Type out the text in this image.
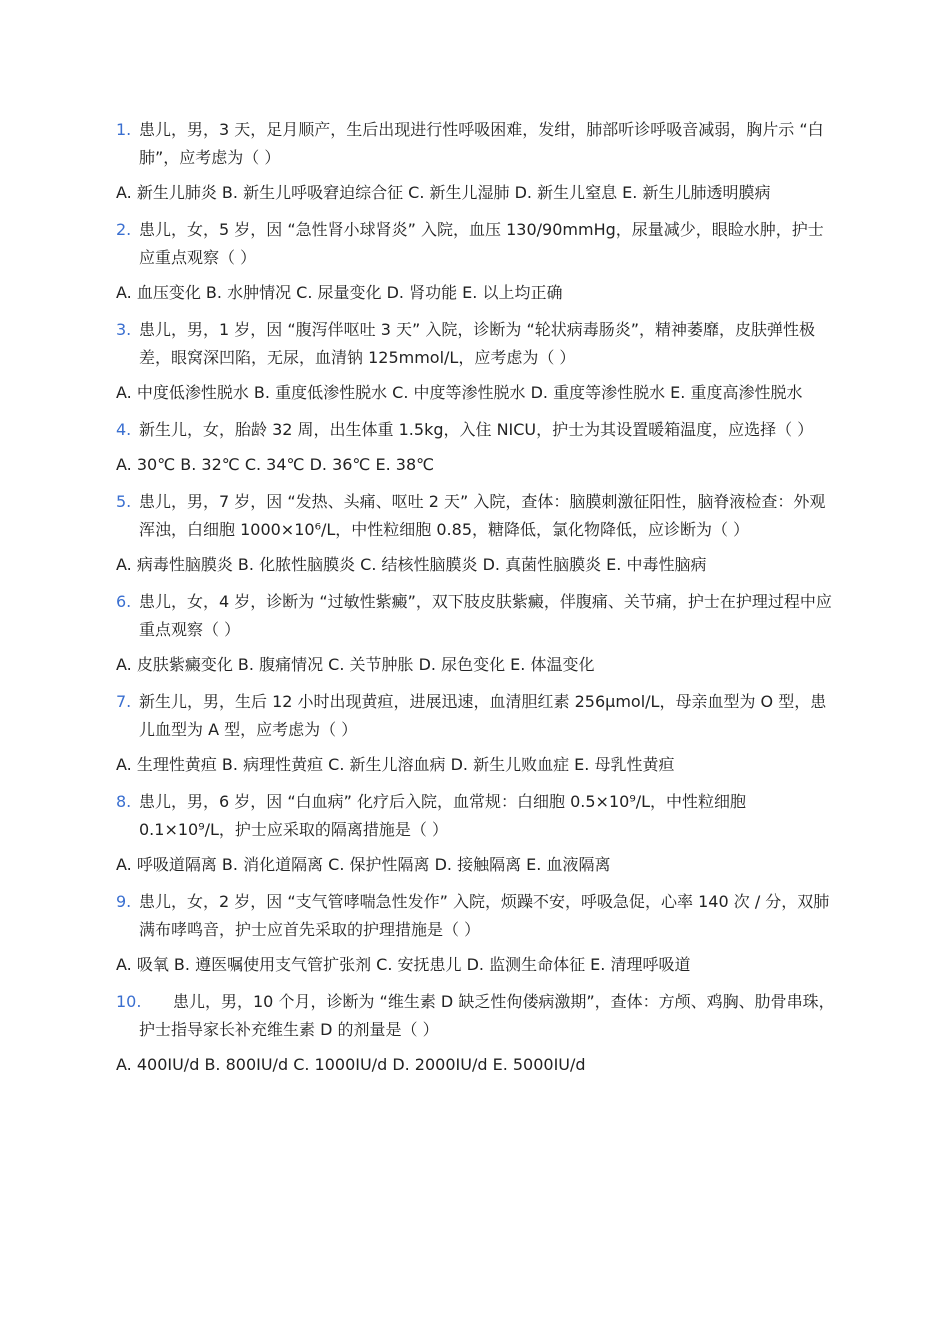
1. 患儿，男，3 天，足月顺产，生后出现进行性呼吸困难，发绀，肺部听诊呼吸音减弱，胸片示 “白肺”，应考虑为（ ）
A. 新生儿肺炎 B. 新生儿呼吸窘迫综合征 C. 新生儿湿肺 D. 新生儿窒息 E. 新生儿肺透明膜病
2. 患儿，女，5 岁，因 “急性肾小球肾炎” 入院，血压 130/90mmHg，尿量减少，眼睑水肿，护士应重点观察（ ）
A. 血压变化 B. 水肿情况 C. 尿量变化 D. 肾功能 E. 以上均正确
3. 患儿，男，1 岁，因 “腹泻伴呕吐 3 天” 入院，诊断为 “轮状病毒肠炎”，精神萎靡，皮肤弹性极差，眼窝深凹陷，无尿，血清钠 125mmol/L，应考虑为（ ）
A. 中度低渗性脱水 B. 重度低渗性脱水 C. 中度等渗性脱水 D. 重度等渗性脱水 E. 重度高渗性脱水
4. 新生儿，女，胎龄 32 周，出生体重 1.5kg，入住 NICU，护士为其设置暖箱温度，应选择（ ）
A. 30℃ B. 32℃ C. 34℃ D. 36℃ E. 38℃
5. 患儿，男，7 岁，因 “发热、头痛、呕吐 2 天” 入院，查体：脑膜刺激征阳性，脑脊液检查：外观浑浊，白细胞 1000×10⁶/L，中性粒细胞 0.85，糖降低，氯化物降低，应诊断为（ ）
A. 病毒性脑膜炎 B. 化脓性脑膜炎 C. 结核性脑膜炎 D. 真菌性脑膜炎 E. 中毒性脑病
6. 患儿，女，4 岁，诊断为 “过敏性紫癜”，双下肢皮肤紫癜，伴腹痛、关节痛，护士在护理过程中应重点观察（ ）
A. 皮肤紫癜变化 B. 腹痛情况 C. 关节肿胀 D. 尿色变化 E. 体温变化
7. 新生儿，男，生后 12 小时出现黄疸，进展迅速，血清胆红素 256μmol/L，母亲血型为 O 型，患儿血型为 A 型，应考虑为（ ）
A. 生理性黄疸 B. 病理性黄疸 C. 新生儿溶血病 D. 新生儿败血症 E. 母乳性黄疸
8. 患儿，男，6 岁，因 “白血病” 化疗后入院，血常规：白细胞 0.5×10⁹/L，中性粒细胞 0.1×10⁹/L，护士应采取的隔离措施是（ ）
A. 呼吸道隔离 B. 消化道隔离 C. 保护性隔离 D. 接触隔离 E. 血液隔离
9. 患儿，女，2 岁，因 “支气管哮喘急性发作” 入院，烦躁不安，呼吸急促，心率 140 次 / 分，双肺满布哮鸣音，护士应首先采取的护理措施是（ ）
A. 吸氧 B. 遵医嘱使用支气管扩张剂 C. 安抚患儿 D. 监测生命体征 E. 清理呼吸道
10.	患儿，男，10 个月，诊断为 “维生素 D 缺乏性佝偻病激期”，查体：方颅、鸡胸、肋骨串珠，护士指导家长补充维生素 D 的剂量是（ ）
A. 400IU/d B. 800IU/d C. 1000IU/d D. 2000IU/d E. 5000IU/d
